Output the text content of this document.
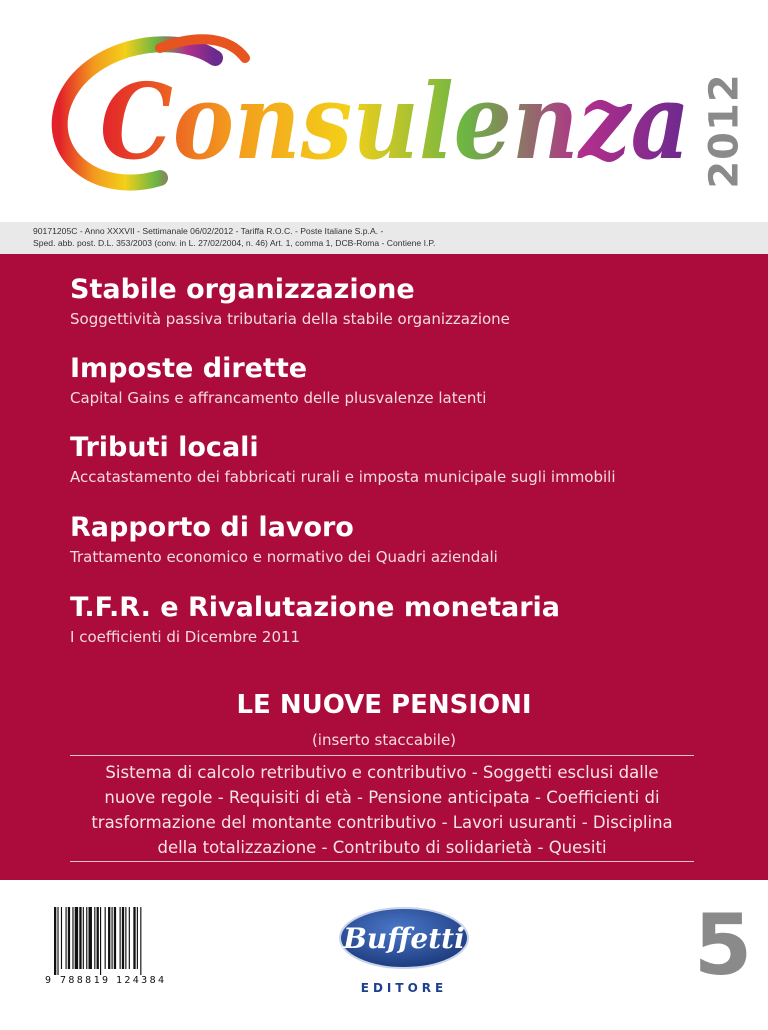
Consulenza 2012
90171205C - Anno XXXVII - Settimanale 06/02/2012 - Tariffa R.O.C. - Poste Italiane S.p.A. -
Sped. abb. post. D.L. 353/2003 (conv. in L. 27/02/2004, n. 46) Art. 1, comma 1, DCB-Roma - Contiene I.P.
Stabile organizzazione
Soggettività passiva tributaria della stabile organizzazione
Imposte dirette
Capital Gains e affrancamento delle plusvalenze latenti
Tributi locali
Accatastamento dei fabbricati rurali e imposta municipale sugli immobili
Rapporto di lavoro
Trattamento economico e normativo dei Quadri aziendali
T.F.R. e Rivalutazione monetaria
I coefficienti di Dicembre 2011
LE NUOVE PENSIONI
(inserto staccabile)
Sistema di calcolo retributivo e contributivo - Soggetti esclusi dalle
nuove regole - Requisiti di età - Pensione anticipata - Coefficienti di
trasformazione del montante contributivo - Lavori usuranti - Disciplina
della totalizzazione - Contributo di solidarietà - Quesiti
9 788819 124384
Buffetti
EDITORE	5
